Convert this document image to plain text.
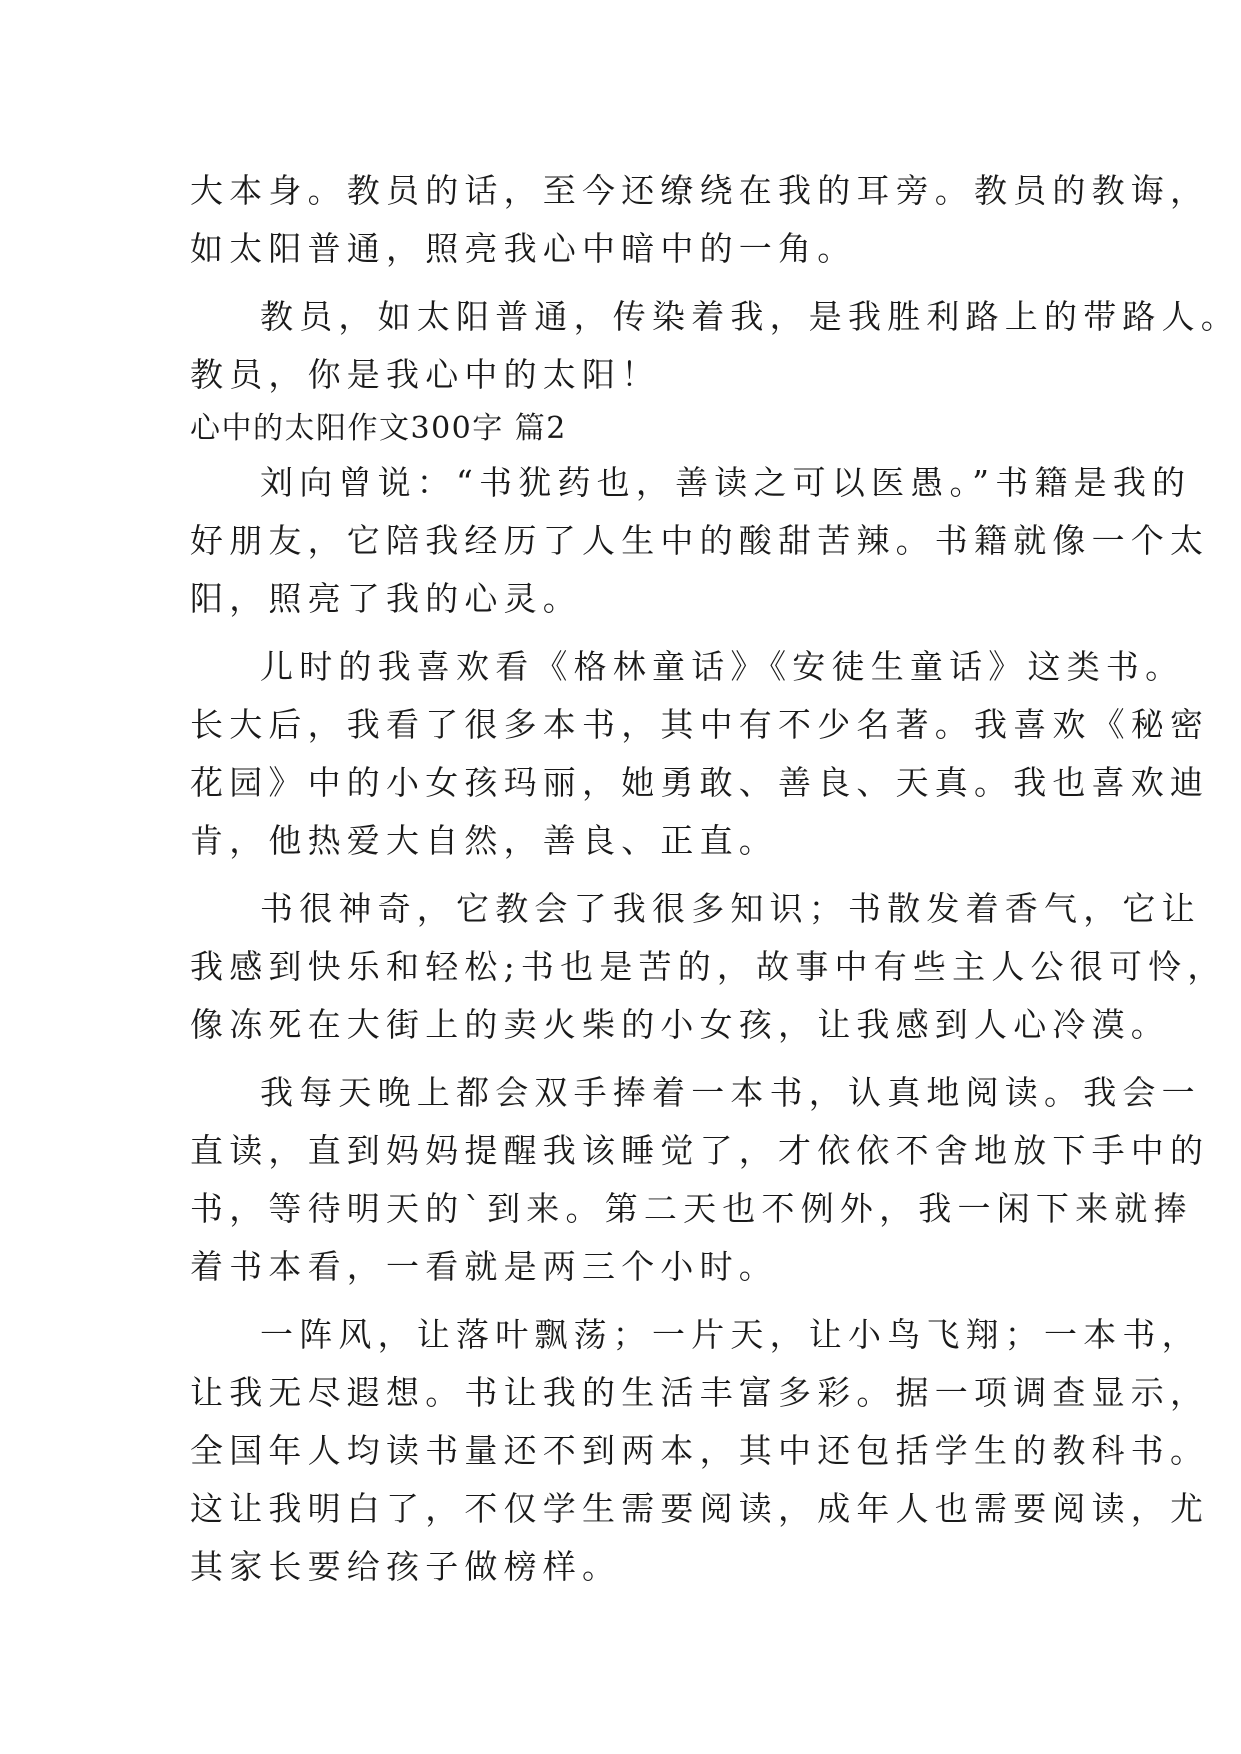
大本身。教员的话，至今还缭绕在我的耳旁。教员的教诲，
如太阳普通，照亮我心中暗中的一角。
教员，如太阳普通，传染着我，是我胜利路上的带路人。
教员，你是我心中的太阳！
心中的太阳作文300字 篇2
刘向曾说：“书犹药也，善读之可以医愚。”书籍是我的
好朋友，它陪我经历了人生中的酸甜苦辣。书籍就像一个太
阳，照亮了我的心灵。
儿时的我喜欢看《格林童话》《安徒生童话》这类书。
长大后，我看了很多本书，其中有不少名著。我喜欢《秘密
花园》中的小女孩玛丽，她勇敢、善良、天真。我也喜欢迪
肯，他热爱大自然，善良、正直。
书很神奇，它教会了我很多知识；书散发着香气，它让
我感到快乐和轻松;书也是苦的，故事中有些主人公很可怜，
像冻死在大街上的卖火柴的小女孩，让我感到人心冷漠。
我每天晚上都会双手捧着一本书，认真地阅读。我会一
直读，直到妈妈提醒我该睡觉了，才依依不舍地放下手中的
书，等待明天的`到来。第二天也不例外，我一闲下来就捧
着书本看，一看就是两三个小时。
一阵风，让落叶飘荡；一片天，让小鸟飞翔；一本书，
让我无尽遐想。书让我的生活丰富多彩。据一项调查显示，
全国年人均读书量还不到两本，其中还包括学生的教科书。
这让我明白了，不仅学生需要阅读，成年人也需要阅读，尤
其家长要给孩子做榜样。
